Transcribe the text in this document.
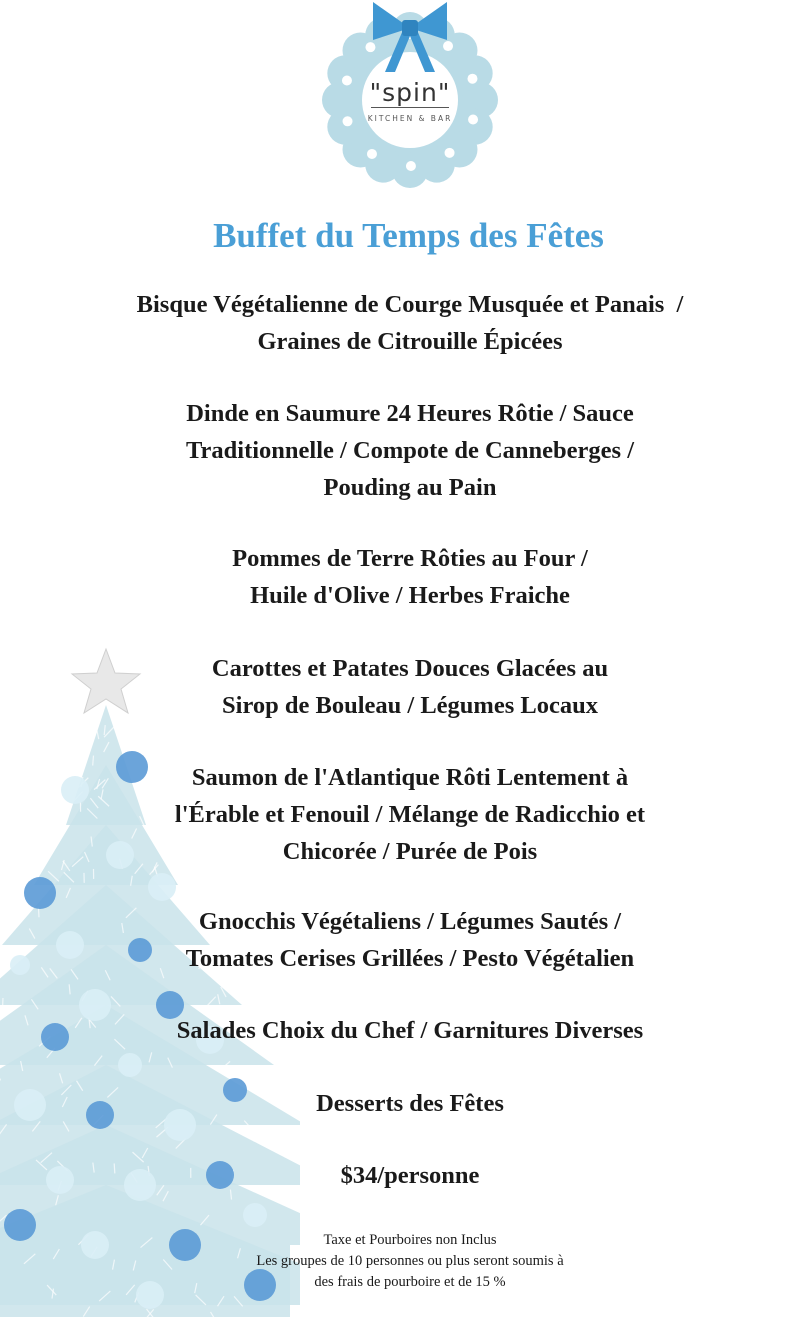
"spin"
KITCHEN & BAR
Buffet du Temps des Fêtes
Bisque Végétalienne de Courge Musquée et Panais  /
Graines de Citrouille Épicées
Dinde en Saumure 24 Heures Rôtie / Sauce
Traditionnelle / Compote de Canneberges /
Pouding au Pain
Pommes de Terre Rôties au Four /
Huile d'Olive / Herbes Fraiche
Carottes et Patates Douces Glacées au
Sirop de Bouleau / Légumes Locaux
Saumon de l'Atlantique Rôti Lentement à
l'Érable et Fenouil / Mélange de Radicchio et
Chicorée / Purée de Pois
Gnocchis Végétaliens / Légumes Sautés /
Tomates Cerises Grillées / Pesto Végétalien
Salades Choix du Chef / Garnitures Diverses
Desserts des Fêtes
$34/personne
Taxe et Pourboires non Inclus
Les groupes de 10 personnes ou plus seront soumis à
des frais de pourboire et de 15 %
